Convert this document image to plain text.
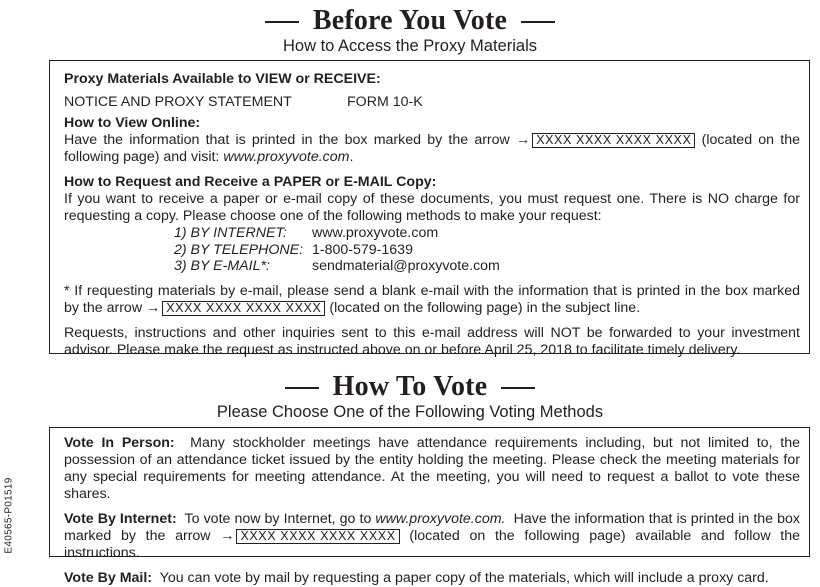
E40565-P01519
Before You Vote
How to Access the Proxy Materials

Proxy Materials Available to VIEW or RECEIVE:

NOTICE AND PROXY STATEMENT	FORM 10-K

How to View Online:

Have the information that is printed in the box marked by the arrow → XXXX XXXX XXXX XXXX (located on the following page) and visit: www.proxyvote.com.

How to Request and Receive a PAPER or E-MAIL Copy:

If you want to receive a paper or e-mail copy of these documents, you must request one. There is NO charge for requesting a copy. Please choose one of the following methods to make your request:

1) BY INTERNET:	www.proxyvote.com
2) BY TELEPHONE: 1-800-579-1639
3) BY E-MAIL*:	sendmaterial@proxyvote.com

* If requesting materials by e-mail, please send a blank e-mail with the information that is printed in the box marked by the arrow → XXXX XXXX XXXX XXXX (located on the following page) in the subject line.

Requests, instructions and other inquiries sent to this e-mail address will NOT be forwarded to your investment advisor. Please make the request as instructed above on or before April 25, 2018 to facilitate timely delivery.

How To Vote
Please Choose One of the Following Voting Methods

Vote In Person: Many stockholder meetings have attendance requirements including, but not limited to, the possession of an attendance ticket issued by the entity holding the meeting. Please check the meeting materials for any special requirements for meeting attendance. At the meeting, you will need to request a ballot to vote these shares.

Vote By Internet: To vote now by Internet, go to www.proxyvote.com. Have the information that is printed in the box marked by the arrow → XXXX XXXX XXXX XXXX (located on the following page) available and follow the instructions.

Vote By Mail: You can vote by mail by requesting a paper copy of the materials, which will include a proxy card.
